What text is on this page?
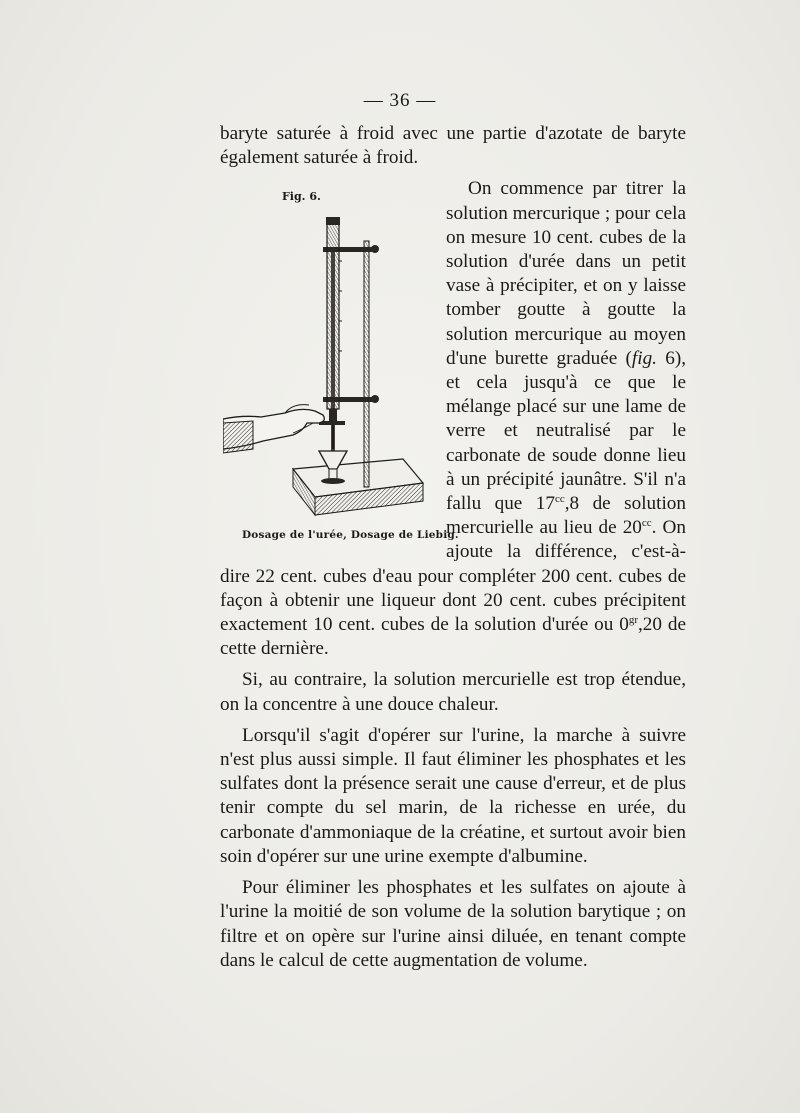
— 36 —

baryte saturée à froid avec une partie d'azotate de baryte également saturée à froid.

Fig. 6.
Dosage de l'urée, Dosage de Liebig.
On commence par titrer la solution mercurique ; pour cela on mesure 10 cent. cubes de la solution d'urée dans un petit vase à précipiter, et on y laisse tomber goutte à goutte la solution mercurique au moyen d'une burette graduée (fig. 6), et cela jusqu'à ce que le mélange placé sur une lame de verre et neutralisé par le carbonate de soude donne lieu à un précipité jaunâtre. S'il n'a fallu que $17^{cc},8$ de solution mercurielle au lieu de $20^{cc}$. On ajoute la différence, c'est-à-dire 22 cent. cubes d'eau pour compléter 200 cent. cubes de façon à obtenir une liqueur dont 20 cent. cubes précipitent exactement 10 cent. cubes de la solution d'urée ou $0^{gr},20$ de cette dernière.

Si, au contraire, la solution mercurielle est trop étendue, on la concentre à une douce chaleur.

Lorsqu'il s'agit d'opérer sur l'urine, la marche à suivre n'est plus aussi simple. Il faut éliminer les phosphates et les sulfates dont la présence serait une cause d'erreur, et de plus tenir compte du sel marin, de la richesse en urée, du carbonate d'ammoniaque de la créatine, et surtout avoir bien soin d'opérer sur une urine exempte d'albumine.

Pour éliminer les phosphates et les sulfates on ajoute à l'urine la moitié de son volume de la solution barytique ; on filtre et on opère sur l'urine ainsi diluée, en tenant compte dans le calcul de cette augmentation de volume.
